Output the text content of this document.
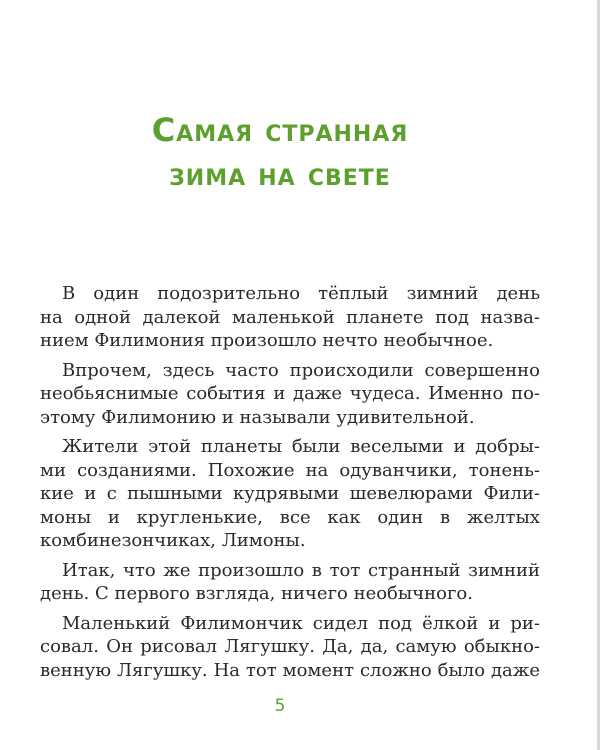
Самая странная
зима на свете
В один подозрительно тёплый зимний день
на одной далекой маленькой планете под назва-
нием Филимония произошло нечто необычное.
Впрочем, здесь часто происходили совершенно
необьяснимые события и даже чудеса. Именно по-
этому Филимонию и называли удивительной.
Жители этой планеты были веселыми и добры-
ми созданиями. Похожие на одуванчики, тонень-
кие и с пышными кудрявыми шевелюрами Фили-
моны и кругленькие, все как один в желтых
комбинезончиках, Лимоны.
Итак, что же произошло в тот странный зимний
день. С первого взгляда, ничего необычного.
Маленький Филимончик сидел под ёлкой и ри-
совал. Он рисовал Лягушку. Да, да, самую обыкно-
венную Лягушку. На тот момент сложно было даже
5
